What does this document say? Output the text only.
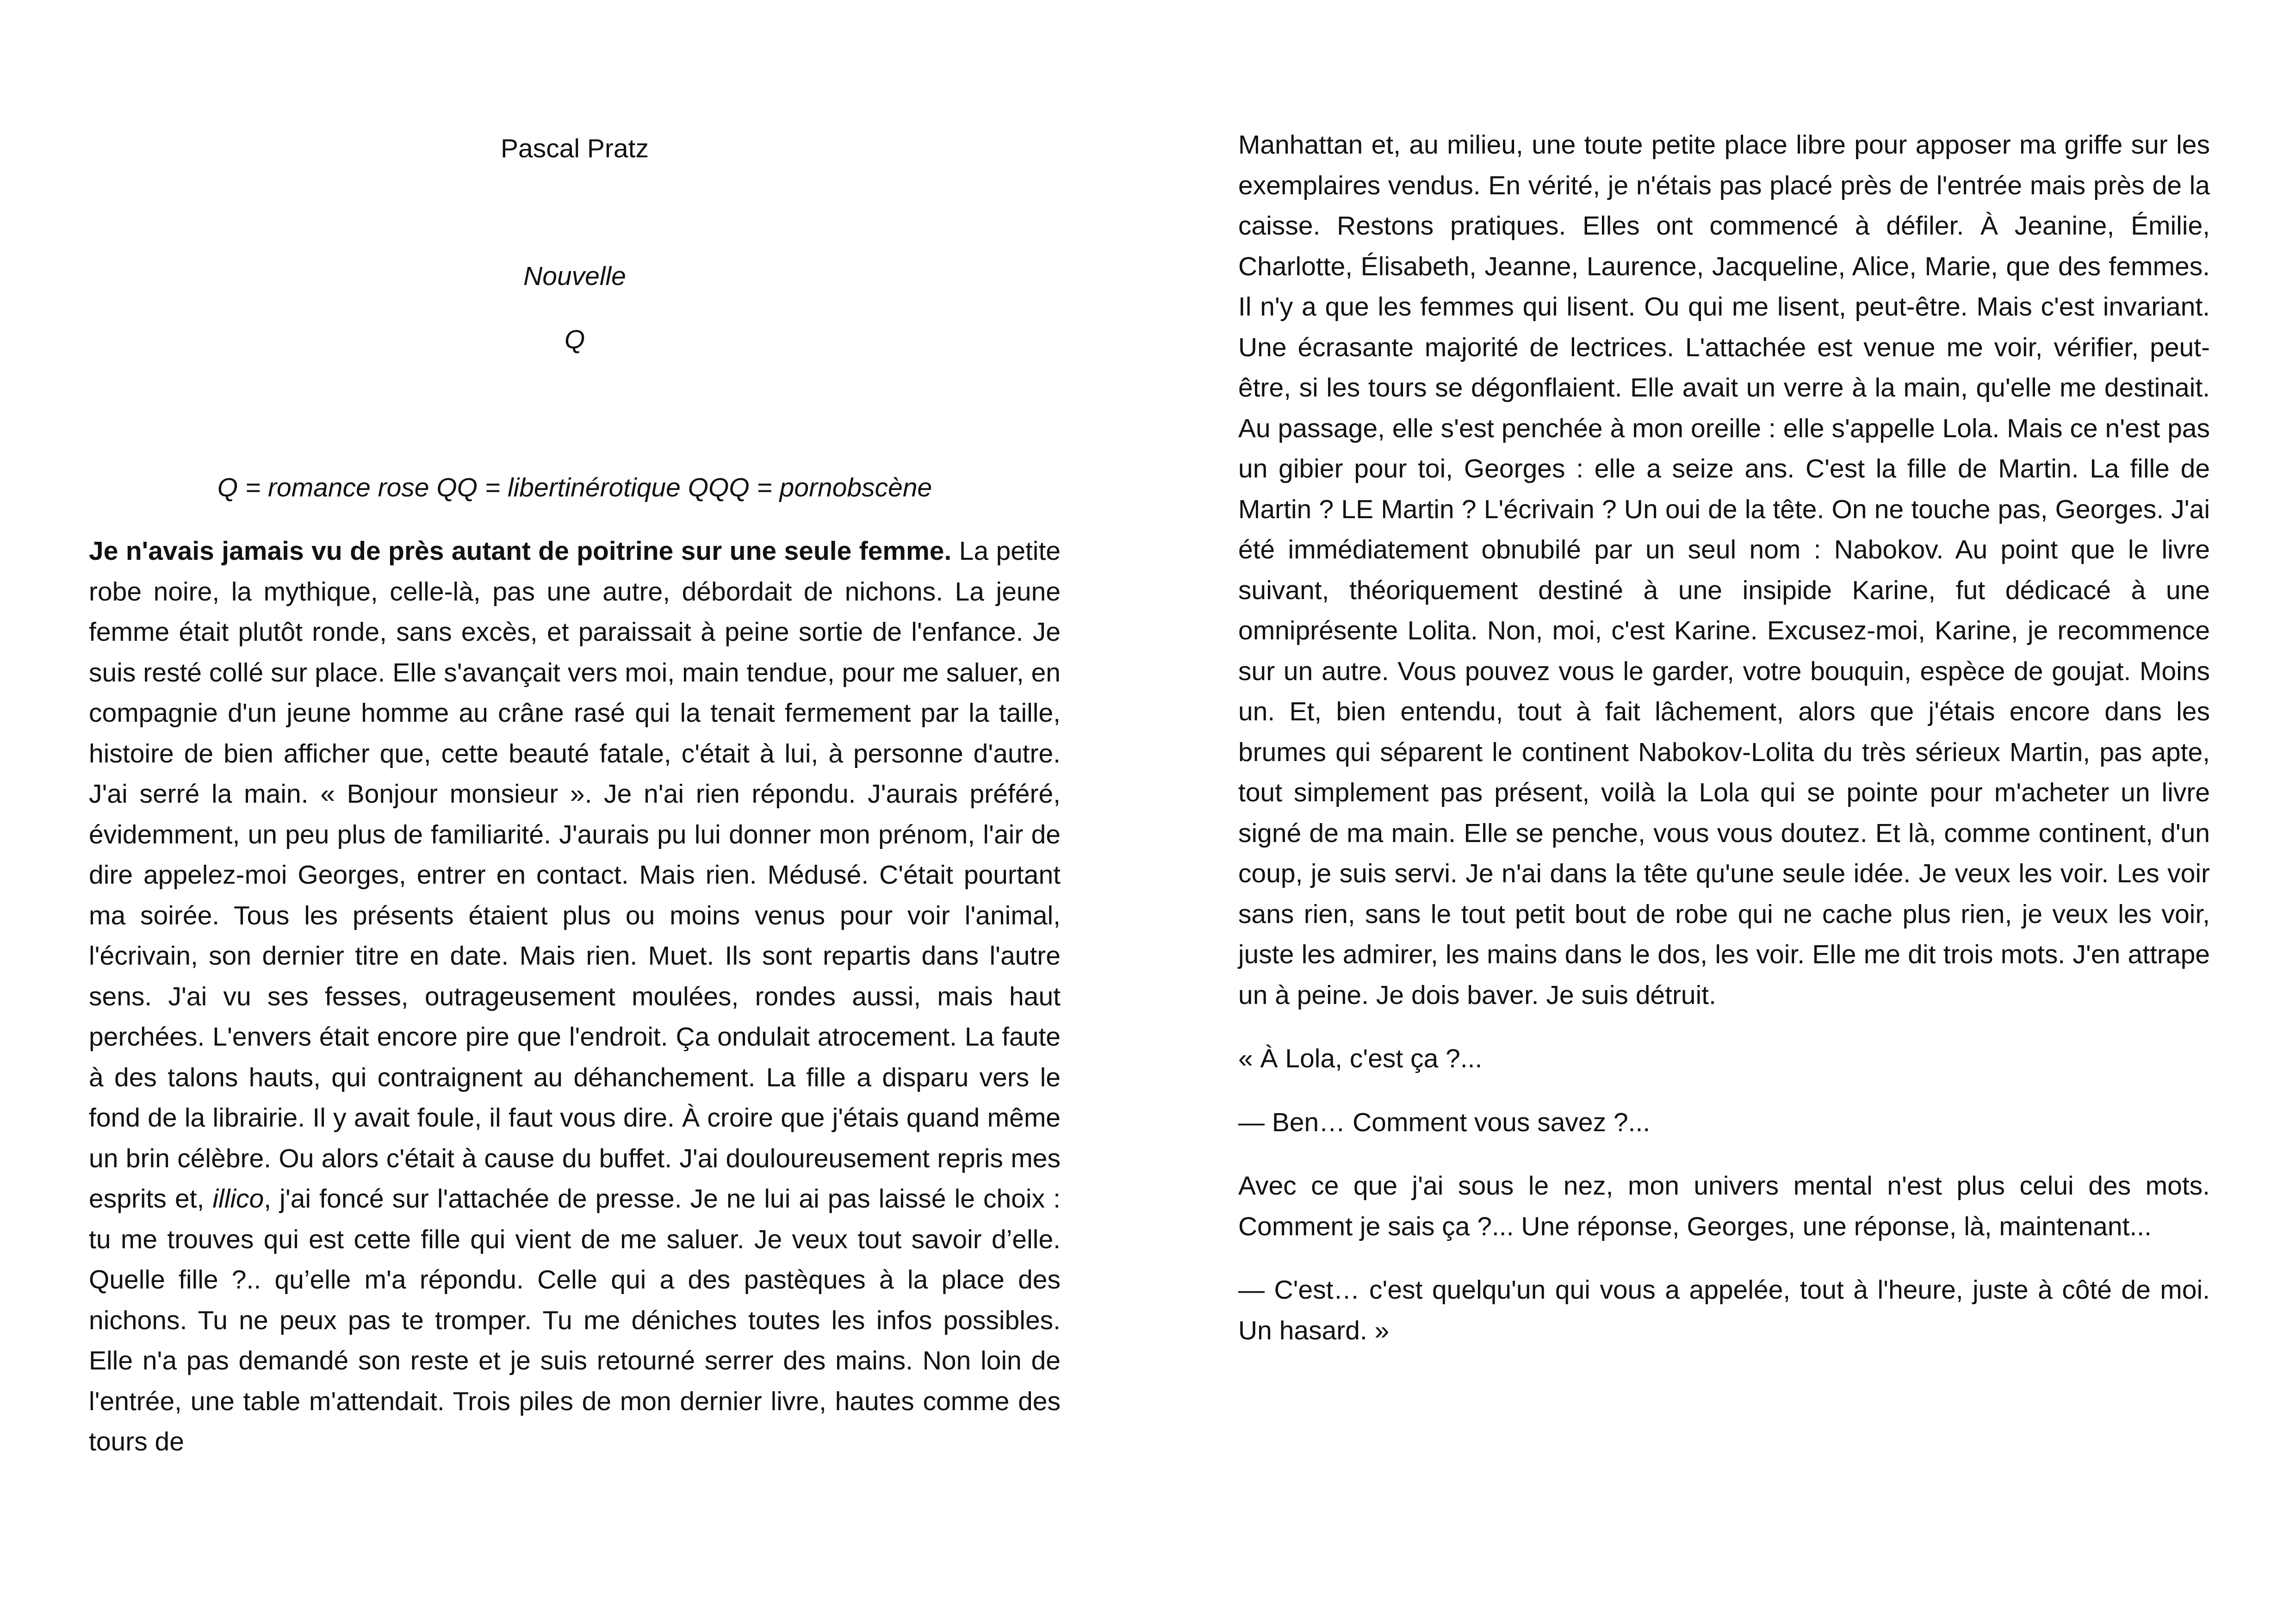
Pascal Pratz

Nouvelle

Q

Q = romance rose QQ = libertinérotique QQQ = pornobscène

Je n'avais jamais vu de près autant de poitrine sur une seule femme. La petite robe noire, la mythique, celle-là, pas une autre, débordait de nichons. La jeune femme était plutôt ronde, sans excès, et paraissait à peine sortie de l'enfance. Je suis resté collé sur place. Elle s'avançait vers moi, main tendue, pour me saluer, en compagnie d'un jeune homme au crâne rasé qui la tenait fermement par la taille, histoire de bien afficher que, cette beauté fatale, c'était à lui, à personne d'autre. J'ai serré la main. « Bonjour monsieur ». Je n'ai rien répondu. J'aurais préféré, évidemment, un peu plus de familiarité. J'aurais pu lui donner mon prénom, l'air de dire appelez-moi Georges, entrer en contact. Mais rien. Médusé. C'était pourtant ma soirée. Tous les présents étaient plus ou moins venus pour voir l'animal, l'écrivain, son dernier titre en date. Mais rien. Muet. Ils sont repartis dans l'autre sens. J'ai vu ses fesses, outrageusement moulées, rondes aussi, mais haut perchées. L'envers était encore pire que l'endroit. Ça ondulait atrocement. La faute à des talons hauts, qui contraignent au déhanchement. La fille a disparu vers le fond de la librairie. Il y avait foule, il faut vous dire. À croire que j'étais quand même un brin célèbre. Ou alors c'était à cause du buffet. J'ai douloureusement repris mes esprits et, illico, j'ai foncé sur l'attachée de presse. Je ne lui ai pas laissé le choix : tu me trouves qui est cette fille qui vient de me saluer. Je veux tout savoir d’elle. Quelle fille ?.. qu’elle m'a répondu. Celle qui a des pastèques à la place des nichons. Tu ne peux pas te tromper. Tu me déniches toutes les infos possibles. Elle n'a pas demandé son reste et je suis retourné serrer des mains. Non loin de l'entrée, une table m'attendait. Trois piles de mon dernier livre, hautes comme des tours de

Manhattan et, au milieu, une toute petite place libre pour apposer ma griffe sur les exemplaires vendus. En vérité, je n'étais pas placé près de l'entrée mais près de la caisse. Restons pratiques. Elles ont commencé à défiler. À Jeanine, Émilie, Charlotte, Élisabeth, Jeanne, Laurence, Jacqueline, Alice, Marie, que des femmes. Il n'y a que les femmes qui lisent. Ou qui me lisent, peut-être. Mais c'est invariant. Une écrasante majorité de lectrices. L'attachée est venue me voir, vérifier, peut-être, si les tours se dégonflaient. Elle avait un verre à la main, qu'elle me destinait. Au passage, elle s'est penchée à mon oreille : elle s'appelle Lola. Mais ce n'est pas un gibier pour toi, Georges : elle a seize ans. C'est la fille de Martin. La fille de Martin ? LE Martin ? L'écrivain ? Un oui de la tête. On ne touche pas, Georges. J'ai été immédiatement obnubilé par un seul nom : Nabokov. Au point que le livre suivant, théoriquement destiné à une insipide Karine, fut dédicacé à une omniprésente Lolita. Non, moi, c'est Karine. Excusez-moi, Karine, je recommence sur un autre. Vous pouvez vous le garder, votre bouquin, espèce de goujat. Moins un. Et, bien entendu, tout à fait lâchement, alors que j'étais encore dans les brumes qui séparent le continent Nabokov-Lolita du très sérieux Martin, pas apte, tout simplement pas présent, voilà la Lola qui se pointe pour m'acheter un livre signé de ma main. Elle se penche, vous vous doutez. Et là, comme continent, d'un coup, je suis servi. Je n'ai dans la tête qu'une seule idée. Je veux les voir. Les voir sans rien, sans le tout petit bout de robe qui ne cache plus rien, je veux les voir, juste les admirer, les mains dans le dos, les voir. Elle me dit trois mots. J'en attrape un à peine. Je dois baver. Je suis détruit.

« À Lola, c'est ça ?...

— Ben… Comment vous savez ?...

Avec ce que j'ai sous le nez, mon univers mental n'est plus celui des mots. Comment je sais ça ?... Une réponse, Georges, une réponse, là, maintenant...

— C'est… c'est quelqu'un qui vous a appelée, tout à l'heure, juste à côté de moi. Un hasard. »
